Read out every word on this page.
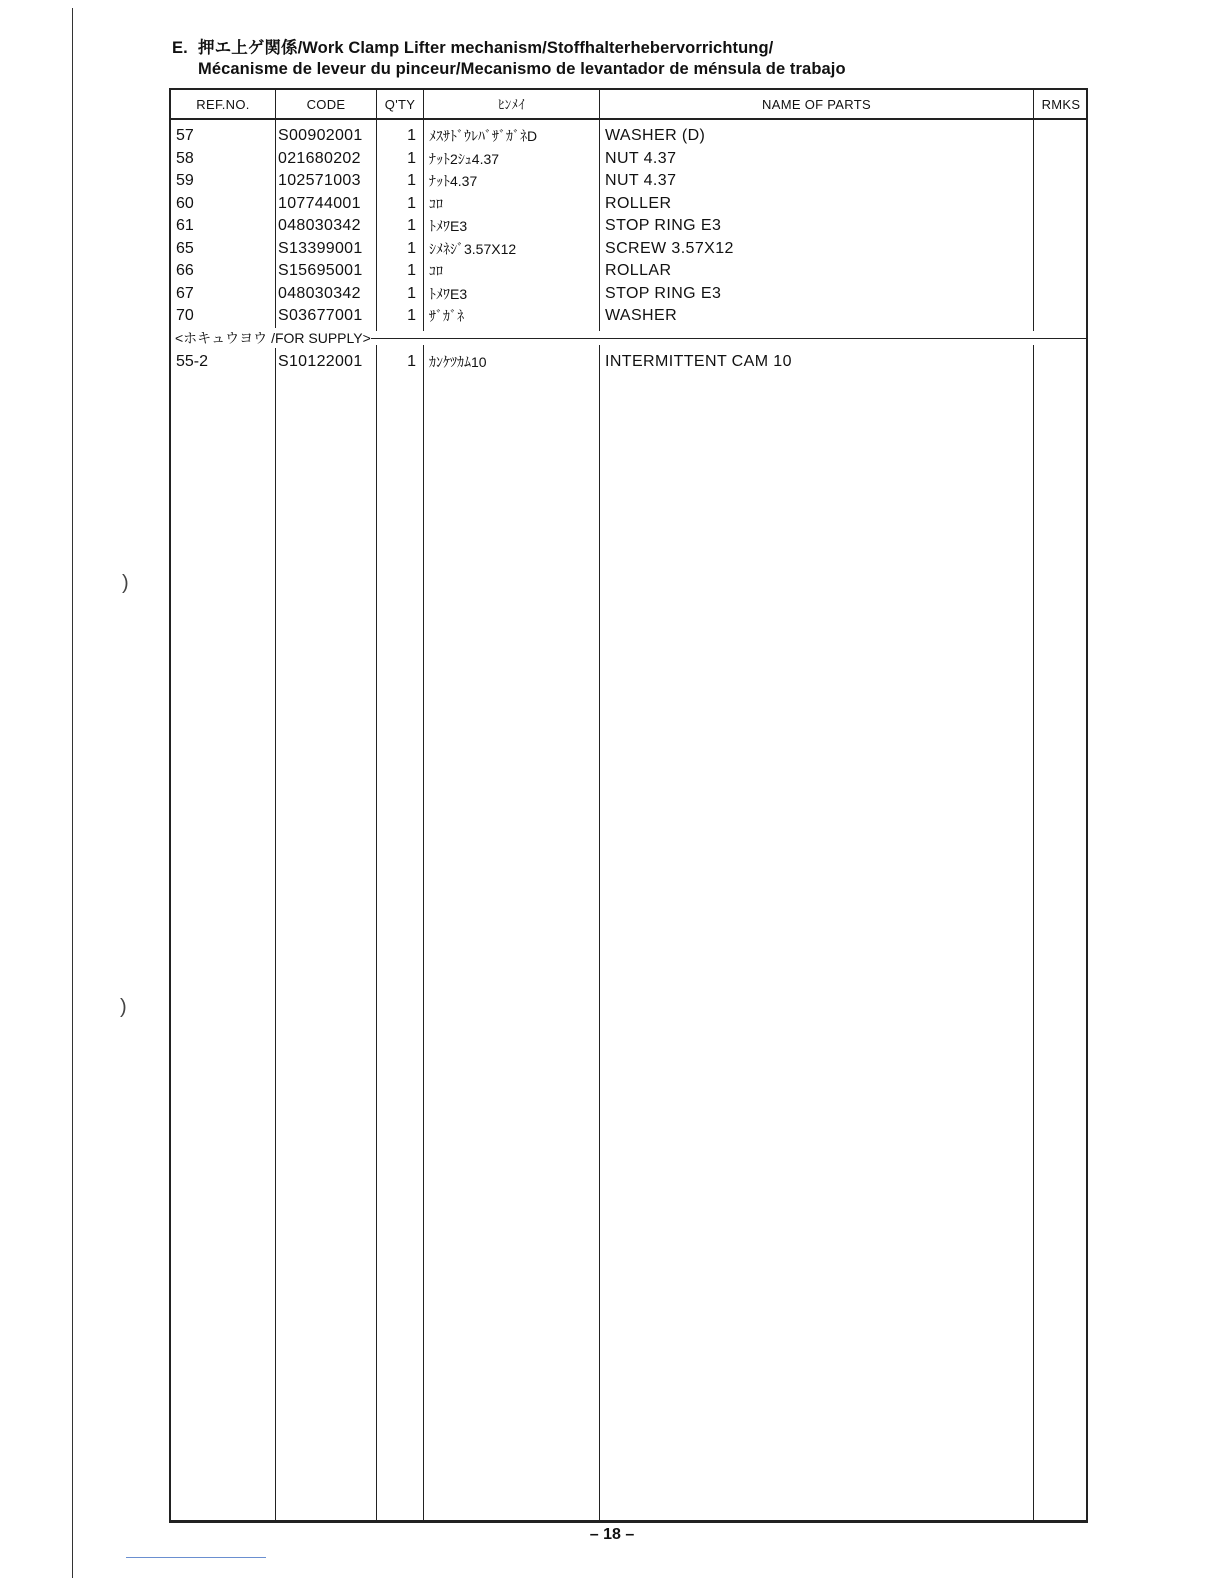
)
)
E. 押エ上ゲ関係/Work Clamp Lifter mechanism/Stoffhalterhebervorrichtung/
Mécanisme de leveur du pinceur/Mecanismo de levantador de ménsula de trabajo
REF.NO.	CODE	Q'TY	ﾋﾝﾒｲ	NAME OF PARTS	RMKS
57	S00902001	1 ﾒｽｻﾄﾞｳﾚﾊﾞｻﾞｶﾞﾈD	WASHER (D)
58	021680202	1 ﾅｯﾄ2ｼｭ4.37	NUT 4.37
59	102571003	1 ﾅｯﾄ4.37	NUT 4.37
60	107744001	1 ｺﾛ	ROLLER
61	048030342	1 ﾄﾒﾜE3	STOP RING E3
65	S13399001	1 ｼﾒﾈｼﾞ3.57X12	SCREW 3.57X12
66	S15695001	1 ｺﾛ	ROLLAR
67	048030342	1 ﾄﾒﾜE3	STOP RING E3
70	S03677001	1 ｻﾞｶﾞﾈ	WASHER
<ホキュウヨウ /FOR SUPPLY>
55-2	S10122001	1 ｶﾝｹﾂｶﾑ10	INTERMITTENT CAM 10
– 18 –
